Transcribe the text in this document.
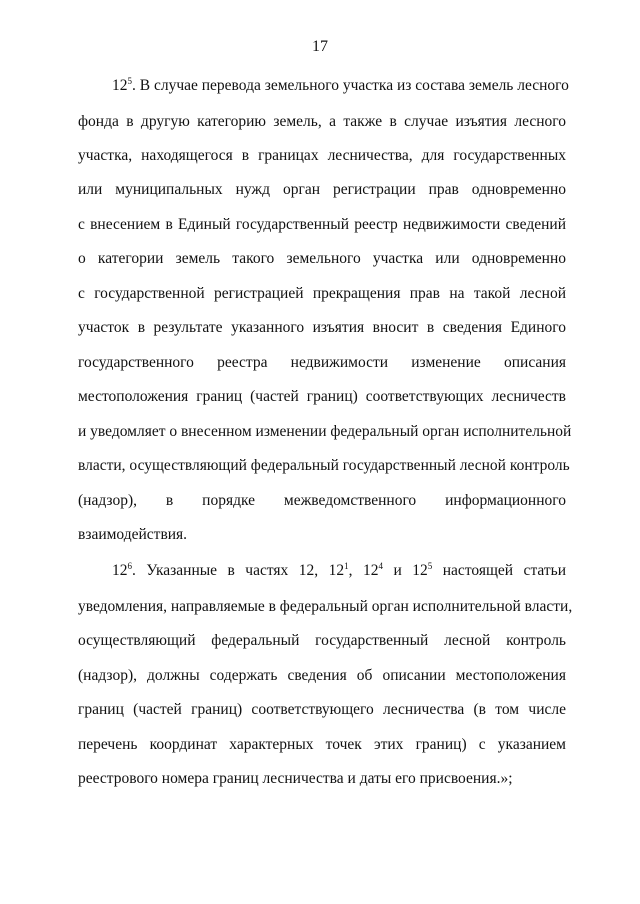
17
$12^5$. В случае перевода земельного участка из состава земель лесного
фонда в другую категорию земель, а также в случае изъятия лесного
участка, находящегося в границах лесничества, для государственных
или муниципальных нужд орган регистрации прав одновременно
с внесением в Единый государственный реестр недвижимости сведений
о категории земель такого земельного участка или одновременно
с государственной регистрацией прекращения прав на такой лесной
участок в результате указанного изъятия вносит в сведения Единого
государственного реестра недвижимости изменение описания
местоположения границ (частей границ) соответствующих лесничеств
и уведомляет о внесенном изменении федеральный орган исполнительной
власти, осуществляющий федеральный государственный лесной контроль
(надзор), в порядке межведомственного информационного
взаимодействия.
$12^6$. Указанные в частях 12, $12^1$, $12^4$ и $12^5$ настоящей статьи
уведомления, направляемые в федеральный орган исполнительной власти,
осуществляющий федеральный государственный лесной контроль
(надзор), должны содержать сведения об описании местоположения
границ (частей границ) соответствующего лесничества (в том числе
перечень координат характерных точек этих границ) с указанием
реестрового номера границ лесничества и даты его присвоения.»;
